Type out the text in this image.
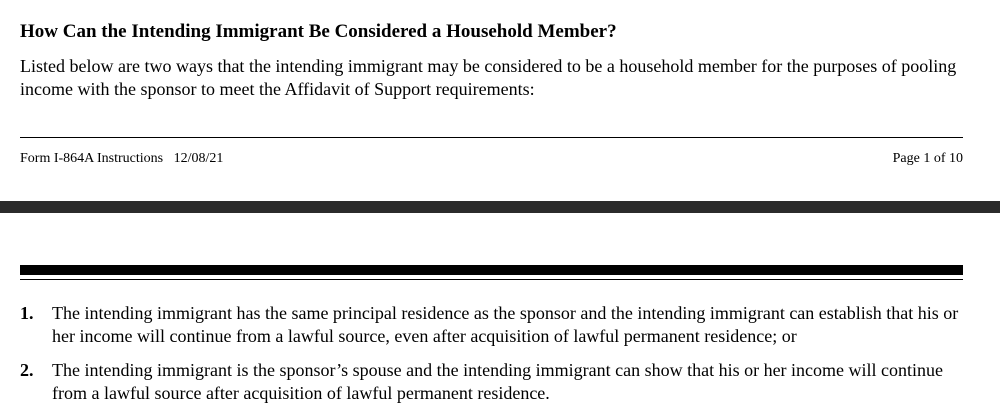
How Can the Intending Immigrant Be Considered a Household Member?
Listed below are two ways that the intending immigrant may be considered to be a household member for the purposes of pooling income with the sponsor to meet the Affidavit of Support requirements:
Form I-864A Instructions   12/08/21	Page 1 of 10
1.	The intending immigrant has the same principal residence as the sponsor and the intending immigrant can establish that his or her income will continue from a lawful source, even after acquisition of lawful permanent residence; or
2.	The intending immigrant is the sponsor’s spouse and the intending immigrant can show that his or her income will continue from a lawful source after acquisition of lawful permanent residence.
